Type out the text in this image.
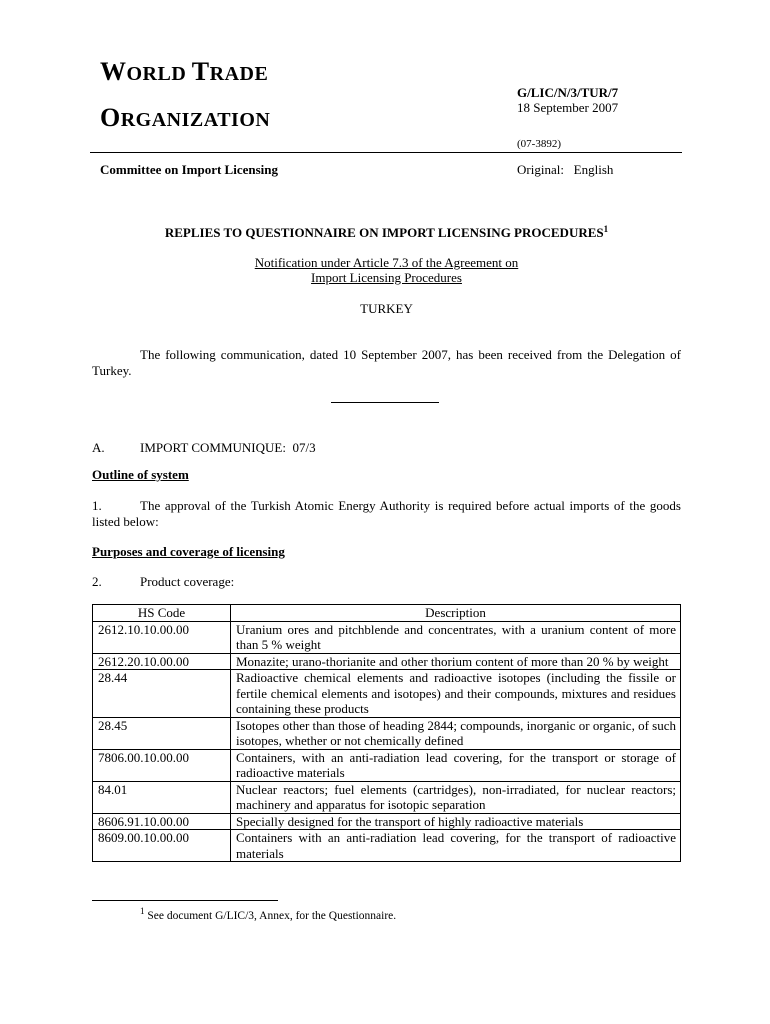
WORLD TRADE
ORGANIZATION
G/LIC/N/3/TUR/7
18 September 2007
(07-3892)
Committee on Import Licensing	Original:   English
REPLIES TO QUESTIONNAIRE ON IMPORT LICENSING PROCEDURES$^1$
Notification under Article 7.3 of the Agreement on
Import Licensing Procedures
TURKEY
The following communication, dated 10 September 2007, has been received from the Delegation of Turkey.
A.	IMPORT COMMUNIQUE:  07/3
Outline of system
1.	The approval of the Turkish Atomic Energy Authority is required before actual imports of the goods listed below:
Purposes and coverage of licensing
2.	Product coverage:
HS Code	Description
2612.10.10.00.00	Uranium ores and pitchblende and concentrates, with a uranium content of more than 5 % weight
2612.20.10.00.00	Monazite; urano-thorianite and other thorium content of more than 20 % by weight
28.44	Radioactive chemical elements and radioactive isotopes (including the fissile or fertile chemical elements and isotopes) and their compounds, mixtures and residues containing these products
28.45	Isotopes other than those of heading 2844; compounds, inorganic or organic, of such isotopes, whether or not chemically defined
7806.00.10.00.00	Containers, with an anti-radiation lead covering, for the transport or storage of radioactive materials
84.01	Nuclear reactors; fuel elements (cartridges), non-irradiated, for nuclear reactors; machinery and apparatus for isotopic separation
8606.91.10.00.00	Specially designed for the transport of highly radioactive materials
8609.00.10.00.00	Containers with an anti-radiation lead covering, for the transport of radioactive materials
$^1$ See document G/LIC/3, Annex, for the Questionnaire.
